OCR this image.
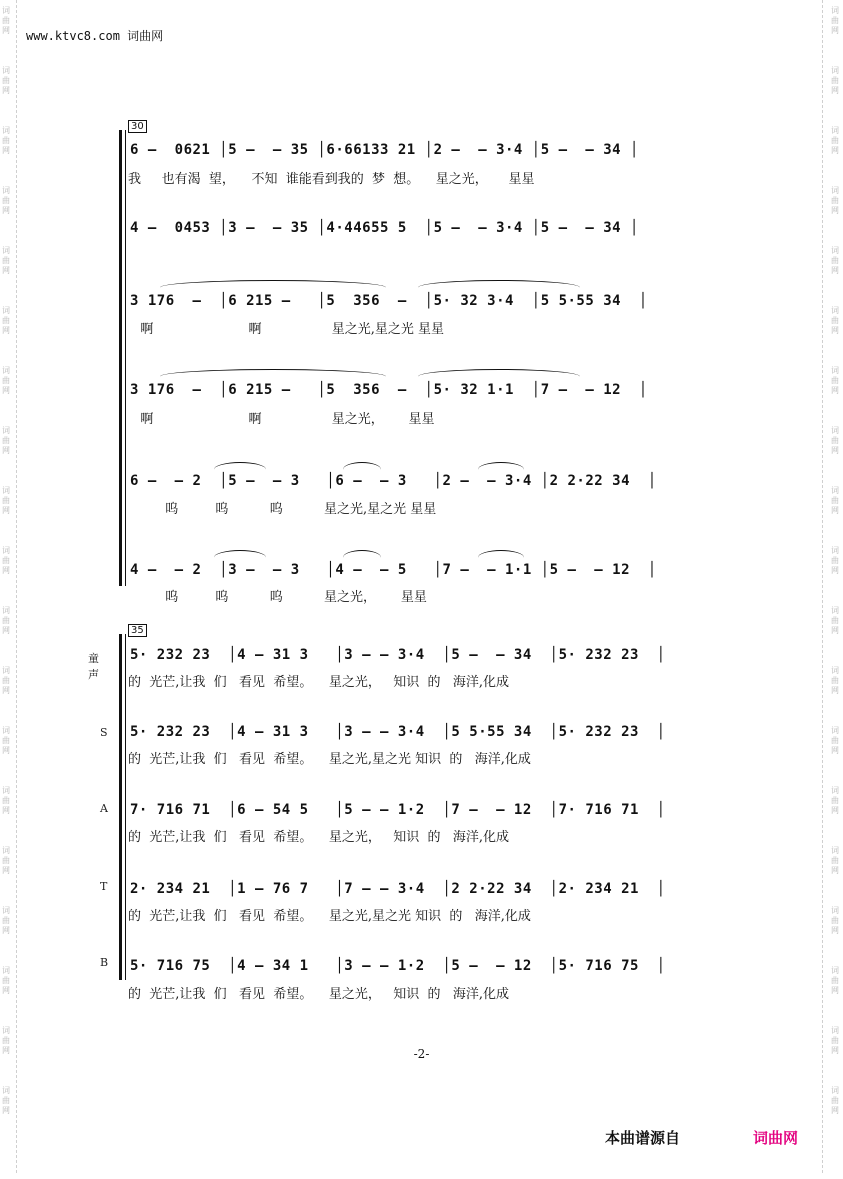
词
曲
网
词
曲
网
词
曲
网
词
曲
网
词
曲
网
词
曲
网
词
曲
网
词
曲
网
词
曲
网
词
曲
网
词
曲
网
词
曲
网
词
曲
网
词
曲
网
词
曲
网
词
曲
网
词
曲
网
词
曲
网
词
曲
网
词
曲
网
词
曲
网
词
曲
网
词
曲
网
词
曲
网
词
曲
网
词
曲
网
词
曲
网
词
曲
网
词
曲
网
词
曲
网
词
曲
网
词
曲
网
词
曲
网
词
曲
网
词
曲
网
词
曲
网
词
曲
网
词
曲
网
www.ktvc8.com 词曲网
30
6 –  0621 │5 –  – 35 │6·66133 21 │2 –  – 3·4 │5 –  – 34 │
我     也有渴  望，    不知  谁能看到我的  梦  想。    星之光，     星星
4 –  0453 │3 –  – 35 │4·44655 5  │5 –  – 3·4 │5 –  – 34 │
3 176  –  │6 215 –   │5  356  –  │5· 32 3·4  │5 5·55 34  │
啊                       啊                 星之光,星之光 星星
3 176  –  │6 215 –   │5  356  –  │5· 32 1·1  │7 –  – 12  │
啊                       啊                 星之光，      星星
6 –  – 2  │5 –  – 3   │6 –  – 3   │2 –  – 3·4 │2 2·22 34  │
呜         呜          呜          星之光,星之光 星星
4 –  – 2  │3 –  – 3   │4 –  – 5   │7 –  – 1·1 │5 –  – 12  │
呜         呜          呜          星之光，      星星
35
童声
5· 232 23  │4 – 31 3   │3 – – 3·4  │5 –  – 34  │5· 232 23  │
的  光芒,让我  们   看见  希望。    星之光，   知识  的   海洋,化成
S 5· 232 23  │4 – 31 3   │3 – – 3·4  │5 5·55 34  │5· 232 23  │
的  光芒,让我  们   看见  希望。    星之光,星之光 知识  的   海洋,化成
A 7· 716 71  │6 – 54 5   │5 – – 1·2  │7 –  – 12  │7· 716 71  │
的  光芒,让我  们   看见  希望。    星之光，   知识  的   海洋,化成
T 2· 234 21  │1 – 76 7   │7 – – 3·4  │2 2·22 34  │2· 234 21  │
的  光芒,让我  们   看见  希望。    星之光,星之光 知识  的   海洋,化成
B 5· 716 75  │4 – 34 1   │3 – – 1·2  │5 –  – 12  │5· 716 75  │
的  光芒,让我  们   看见  希望。    星之光，   知识  的   海洋,化成
-2-
本曲谱源自	词曲网
